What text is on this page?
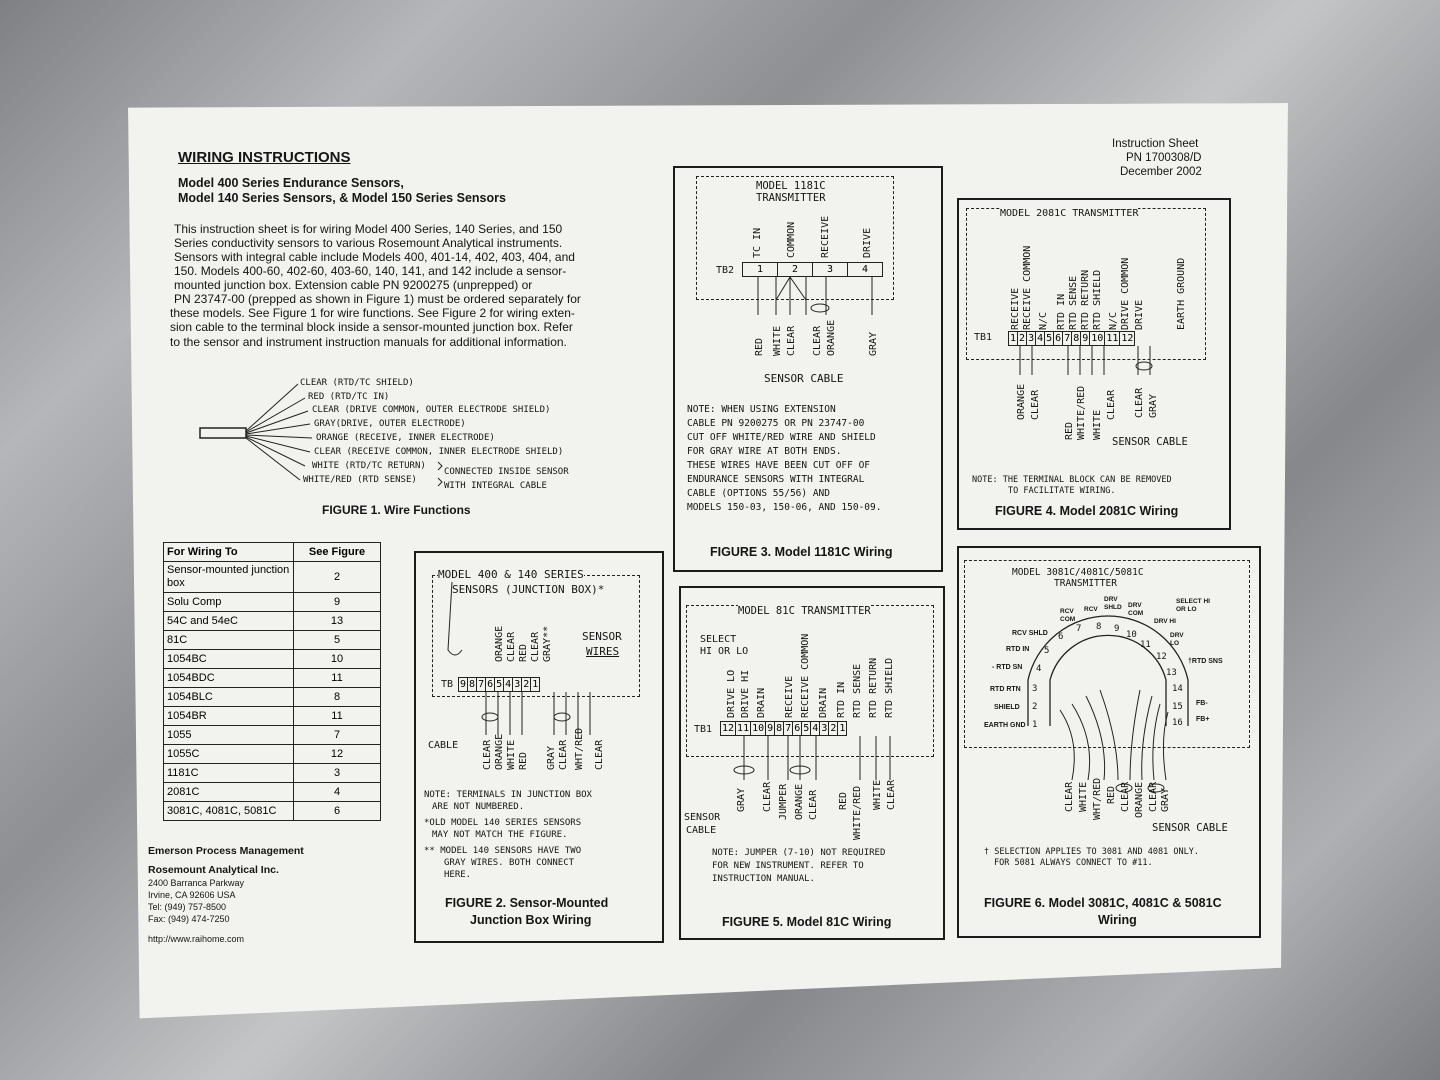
WIRING INSTRUCTIONS
Model 400 Series Endurance Sensors,
Model 140 Series Sensors, & Model 150 Series Sensors
Instruction Sheet
PN 1700308/D
December 2002
This instruction sheet is for wiring Model 400 Series, 140 Series, and 150
Series conductivity sensors to various Rosemount Analytical instruments.
Sensors with integral cable include Models 400, 401-14, 402, 403, 404, and
150. Models 400-60, 402-60, 403-60, 140, 141, and 142 include a sensor-
mounted junction box. Extension cable PN 9200275 (unprepped) or
PN 23747-00 (prepped as shown in Figure 1) must be ordered separately for
these models. See Figure 1 for wire functions. See Figure 2 for wiring exten-
sion cable to the terminal block inside a sensor-mounted junction box. Refer
to the sensor and instrument instruction manuals for additional information.
CLEAR (RTD/TC SHIELD)
RED (RTD/TC IN)
CLEAR (DRIVE COMMON, OUTER ELECTRODE SHIELD)
GRAY(DRIVE, OUTER ELECTRODE)
ORANGE (RECEIVE, INNER ELECTRODE)
CLEAR (RECEIVE COMMON, INNER ELECTRODE SHIELD)
WHITE (RTD/TC RETURN)
WHITE/RED (RTD SENSE)
CONNECTED INSIDE SENSOR
WITH INTEGRAL CABLE
FIGURE 1. Wire Functions
For Wiring To	See Figure
Sensor-mounted junction box	2
Solu Comp	9
54C and 54eC	13
81C	5
1054BC	10
1054BDC	11
1054BLC	8
1054BR	11
1055	7
1055C	12
1181C	3
2081C	4
3081C, 4081C, 5081C	6
Emerson Process Management
Rosemount Analytical Inc.
2400 Barranca Parkway
Irvine, CA 92606 USA
Tel: (949) 757-8500
Fax: (949) 474-7250
http://www.raihome.com
MODEL 400 & 140 SERIES
SENSORS (JUNCTION BOX)*
SENSOR
WIRES
TB 9 8 7 6 5 4 3 2 1
ORANGE CLEAR RED CLEAR GRAY**
CABLE CLEAR ORANGE WHITE RED GRAY CLEAR WHT/RED CLEAR
NOTE: TERMINALS IN JUNCTION BOX
ARE NOT NUMBERED.
*OLD MODEL 140 SERIES SENSORS
MAY NOT MATCH THE FIGURE.
** MODEL 140 SENSORS HAVE TWO
GRAY WIRES. BOTH CONNECT
HERE.
FIGURE 2. Sensor-Mounted
Junction Box Wiring
MODEL 1181C
TRANSMITTER
TC IN COMMON RECEIVE	DRIVE
TB2	1	2	3	4
RED WHITE CLEAR CLEAR ORANGE	GRAY
SENSOR CABLE
NOTE: WHEN USING EXTENSION
CABLE PN 9200275 OR PN 23747-00
CUT OFF WHITE/RED WIRE AND SHIELD
FOR GRAY WIRE AT BOTH ENDS.
THESE WIRES HAVE BEEN CUT OFF OF
ENDURANCE SENSORS WITH INTEGRAL
CABLE (OPTIONS 55/56) AND
MODELS 150-03, 150-06, AND 150-09.
FIGURE 3. Model 1181C Wiring
MODEL 2081C TRANSMITTER
RECEIVE RECEIVE COMMON N/C RTD IN RTD SENSE RTD RETURN RTD SHIELD N/C DRIVE COMMON DRIVE	EARTH GROUND
TB1 1 2 3 4 5 6 7 8 9 10 11 12
ORANGE CLEAR
RED WHITE/RED WHITE
CLEAR CLEAR GRAY
SENSOR CABLE
NOTE: THE TERMINAL BLOCK CAN BE REMOVED
TO FACILITATE WIRING.
FIGURE 4. Model 2081C Wiring
MODEL 81C TRANSMITTER
SELECT
HI OR LO
DRIVE LO DRIVE HI DRAIN RECEIVE RECEIVE COMMON DRAIN RTD IN RTD SENSE RTD RETURN RTD SHIELD
TB1 12 11 10 9 8 7 6 5 4 3 2 1
GRAY CLEAR JUMPER ORANGE CLEAR RED WHITE/RED WHITE CLEAR
SENSOR
CABLE
NOTE: JUMPER (7-10) NOT REQUIRED
FOR NEW INSTRUMENT. REFER TO
INSTRUCTION MANUAL.
FIGURE 5. Model 81C Wiring
MODEL 3081C/4081C/5081C
TRANSMITTER
1
2
3
4
5
6
7 8 9
10
11
12
13
14
15
16
RCV SHLD
RTD IN
- RTD SN
RTD RTN
SHIELD
EARTH GND
RCV COM
RCV
DRV SHLD DRV COM
SELECT HI OR LO
DRV HI
DRV LO
†RTD SNS
FB-
FB+
CLEAR WHITE WHT/RED RED CLEAR ORANGE CLEAR GRAY
SENSOR CABLE
† SELECTION APPLIES TO 3081 AND 4081 ONLY.
FOR 5081 ALWAYS CONNECT TO #11.
FIGURE 6. Model 3081C, 4081C & 5081C
Wiring
